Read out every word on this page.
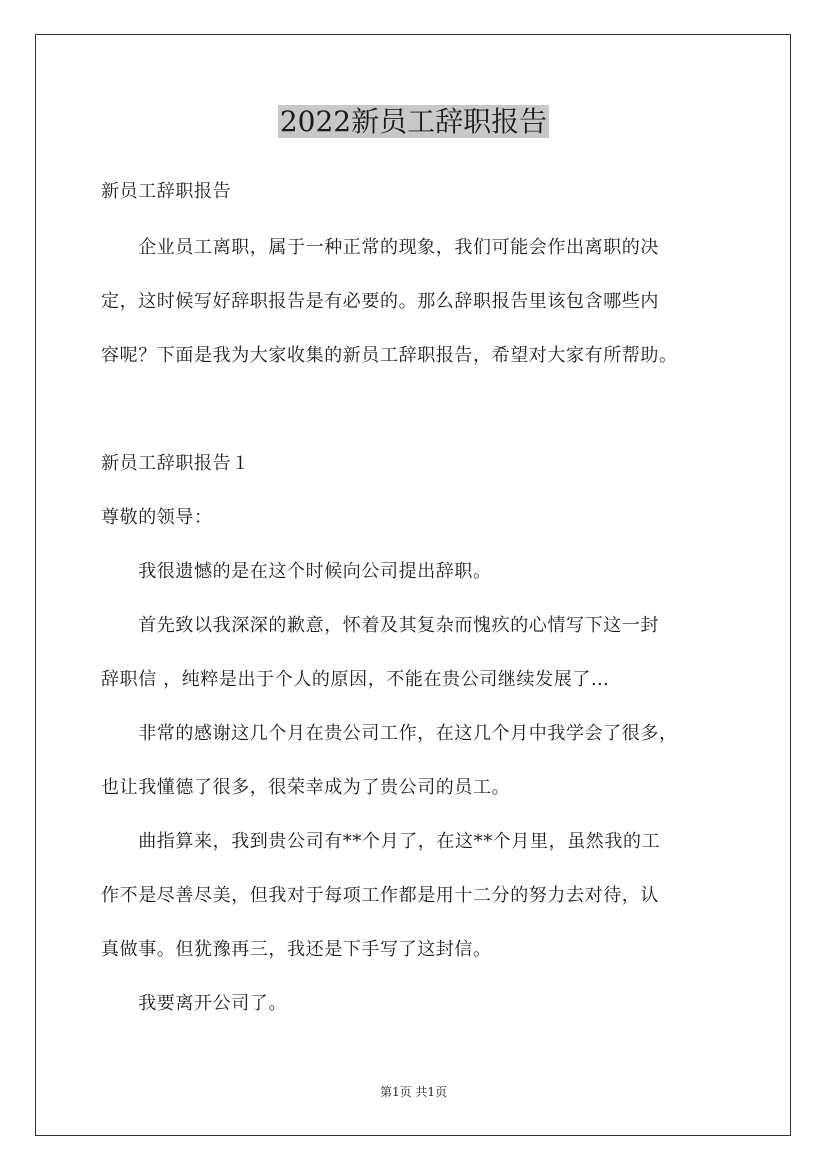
2022新员工辞职报告

新员工辞职报告

　　企业员工离职，属于一种正常的现象，我们可能会作出离职的决

定，这时候写好辞职报告是有必要的。那么辞职报告里该包含哪些内

容呢？下面是我为大家收集的新员工辞职报告，希望对大家有所帮助。

新员工辞职报告１

尊敬的领导：

　　我很遗憾的是在这个时候向公司提出辞职。

　　首先致以我深深的歉意，怀着及其复杂而愧疚的心情写下这一封

辞职信 ，纯粹是出于个人的原因，不能在贵公司继续发展了…

　　非常的感谢这几个月在贵公司工作，在这几个月中我学会了很多，

也让我懂德了很多，很荣幸成为了贵公司的员工。

　　曲指算来，我到贵公司有**个月了，在这**个月里，虽然我的工

作不是尽善尽美，但我对于每项工作都是用十二分的努力去对待，认

真做事。但犹豫再三，我还是下手写了这封信。

　　我要离开公司了。

第1页 共1页
